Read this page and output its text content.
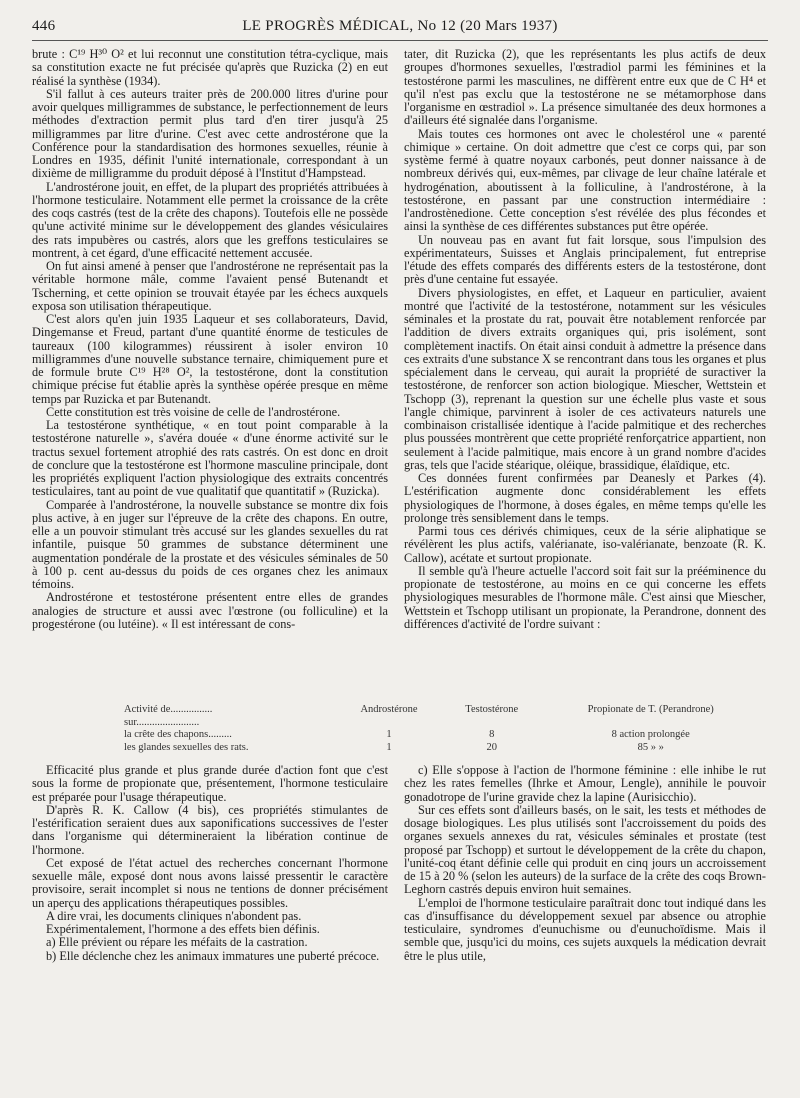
446	LE PROGRÈS MÉDICAL, No 12 (20 Mars 1937)

brute : C¹⁹ H³⁰ O² et lui reconnut une constitution tétra-cyclique, mais sa constitution exacte ne fut précisée qu'après que Ruzicka (2) en eut réalisé la synthèse (1934).

S'il fallut à ces auteurs traiter près de 200.000 litres d'urine pour avoir quelques milligrammes de substance, le perfectionnement de leurs méthodes d'extraction permit plus tard d'en tirer jusqu'à 25 milligrammes par litre d'urine. C'est avec cette androstérone que la Conférence pour la standardisation des hormones sexuelles, réunie à Londres en 1935, définit l'unité internationale, correspondant à un dixième de milligramme du produit déposé à l'Institut d'Hampstead.

L'androstérone jouit, en effet, de la plupart des propriétés attribuées à l'hormone testiculaire. Notamment elle permet la croissance de la crête des coqs castrés (test de la crête des chapons). Toutefois elle ne possède qu'une activité minime sur le développement des glandes vésiculaires des rats impubères ou castrés, alors que les greffons testiculaires se montrent, à cet égard, d'une efficacité nettement accusée.

On fut ainsi amené à penser que l'androstérone ne représentait pas la véritable hormone mâle, comme l'avaient pensé Butenandt et Tscherning, et cette opinion se trouvait étayée par les échecs auxquels exposa son utilisation thérapeutique.

C'est alors qu'en juin 1935 Laqueur et ses collaborateurs, David, Dingemanse et Freud, partant d'une quantité énorme de testicules de taureaux (100 kilogrammes) réussirent à isoler environ 10 milligrammes d'une nouvelle substance ternaire, chimiquement pure et de formule brute C¹⁹ H²⁸ O², la testostérone, dont la constitution chimique précise fut établie après la synthèse opérée presque en même temps par Ruzicka et par Butenandt.

Cette constitution est très voisine de celle de l'androstérone.

La testostérone synthétique, « en tout point comparable à la testostérone naturelle », s'avéra douée « d'une énorme activité sur le tractus sexuel fortement atrophié des rats castrés. On est donc en droit de conclure que la testostérone est l'hormone masculine principale, dont les propriétés expliquent l'action physiologique des extraits concentrés testiculaires, tant au point de vue qualitatif que quantitatif » (Ruzicka).

Comparée à l'androstérone, la nouvelle substance se montre dix fois plus active, à en juger sur l'épreuve de la crête des chapons. En outre, elle a un pouvoir stimulant très accusé sur les glandes sexuelles du rat infantile, puisque 50 grammes de substance déterminent une augmentation pondérale de la prostate et des vésicules séminales de 50 à 100 p. cent au-dessus du poids de ces organes chez les animaux témoins.

Androstérone et testostérone présentent entre elles de grandes analogies de structure et aussi avec l'œstrone (ou folliculine) et la progestérone (ou lutéine). « Il est intéressant de cons-

tater, dit Ruzicka (2), que les représentants les plus actifs de deux groupes d'hormones sexuelles, l'œstradiol parmi les féminines et la testostérone parmi les masculines, ne diffèrent entre eux que de C H⁴ et qu'il n'est pas exclu que la testostérone ne se métamorphose dans l'organisme en œstradiol ». La présence simultanée des deux hormones a d'ailleurs été signalée dans l'organisme.

Mais toutes ces hormones ont avec le cholestérol une « parenté chimique » certaine. On doit admettre que c'est ce corps qui, par son système fermé à quatre noyaux carbonés, peut donner naissance à de nombreux dérivés qui, eux-mêmes, par clivage de leur chaîne latérale et hydrogénation, aboutissent à la folliculine, à l'androstérone, à la testostérone, en passant par une construction intermédiaire : l'androstènedione. Cette conception s'est révélée des plus fécondes et ainsi la synthèse de ces différentes substances put être opérée.

Un nouveau pas en avant fut fait lorsque, sous l'impulsion des expérimentateurs, Suisses et Anglais principalement, fut entreprise l'étude des effets comparés des différents esters de la testostérone, dont près d'une centaine fut essayée.

Divers physiologistes, en effet, et Laqueur en particulier, avaient montré que l'activité de la testostérone, notamment sur les vésicules séminales et la prostate du rat, pouvait être notablement renforcée par l'addition de divers extraits organiques qui, pris isolément, sont complètement inactifs. On était ainsi conduit à admettre la présence dans ces extraits d'une substance X se rencontrant dans tous les organes et plus spécialement dans le cerveau, qui aurait la propriété de suractiver la testostérone, de renforcer son action biologique. Miescher, Wettstein et Tschopp (3), reprenant la question sur une échelle plus vaste et sous l'angle chimique, parvinrent à isoler de ces activateurs naturels une combinaison cristallisée identique à l'acide palmitique et des recherches plus poussées montrèrent que cette propriété renforçatrice appartient, non seulement à l'acide palmitique, mais encore à un grand nombre d'acides gras, tels que l'acide stéarique, oléique, brassidique, élaïdique, etc.

Ces données furent confirmées par Deanesly et Parkes (4). L'estérification augmente donc considérablement les effets physiologiques de l'hormone, à doses égales, en même temps qu'elle les prolonge très sensiblement dans le temps.

Parmi tous ces dérivés chimiques, ceux de la série aliphatique se révélèrent les plus actifs, valérianate, iso-valérianate, benzoate (R. K. Callow), acétate et surtout propionate.

Il semble qu'à l'heure actuelle l'accord soit fait sur la prééminence du propionate de testostérone, au moins en ce qui concerne les effets physiologiques mesurables de l'hormone mâle. C'est ainsi que Miescher, Wettstein et Tschopp utilisant un propionate, la Perandrone, donnent des différences d'activité de l'ordre suivant :

Activité de................	Androstérone	Testostérone	Propionate de T. (Perandrone)
sur........................			
la crête des chapons.........	1	8	8 action prolongée
les glandes sexuelles des rats.	1	20	85 » »

Efficacité plus grande et plus grande durée d'action font que c'est sous la forme de propionate que, présentement, l'hormone testiculaire est préparée pour l'usage thérapeutique.

D'après R. K. Callow (4 bis), ces propriétés stimulantes de l'estérification seraient dues aux saponifications successives de l'ester dans l'organisme qui détermineraient la libération continue de l'hormone.

Cet exposé de l'état actuel des recherches concernant l'hormone sexuelle mâle, exposé dont nous avons laissé pressentir le caractère provisoire, serait incomplet si nous ne tentions de donner précisément un aperçu des applications thérapeutiques possibles.

A dire vrai, les documents cliniques n'abondent pas.

Expérimentalement, l'hormone a des effets bien définis.

a) Elle prévient ou répare les méfaits de la castration.

b) Elle déclenche chez les animaux immatures une puberté précoce.

c) Elle s'oppose à l'action de l'hormone féminine : elle inhibe le rut chez les rates femelles (Ihrke et Amour, Lengle), annihile le pouvoir gonadotrope de l'urine gravide chez la lapine (Aurisicchio).

Sur ces effets sont d'ailleurs basés, on le sait, les tests et méthodes de dosage biologiques. Les plus utilisés sont l'accroissement du poids des organes sexuels annexes du rat, vésicules séminales et prostate (test proposé par Tschopp) et surtout le développement de la crête du chapon, l'unité-coq étant définie celle qui produit en cinq jours un accroissement de 15 à 20 % (selon les auteurs) de la surface de la crête des coqs Brown-Leghorn castrés depuis environ huit semaines.

L'emploi de l'hormone testiculaire paraîtrait donc tout indiqué dans les cas d'insuffisance du développement sexuel par absence ou atrophie testiculaire, syndromes d'eunuchisme ou d'eunuchoïdisme. Mais il semble que, jusqu'ici du moins, ces sujets auxquels la médication devrait être le plus utile,
